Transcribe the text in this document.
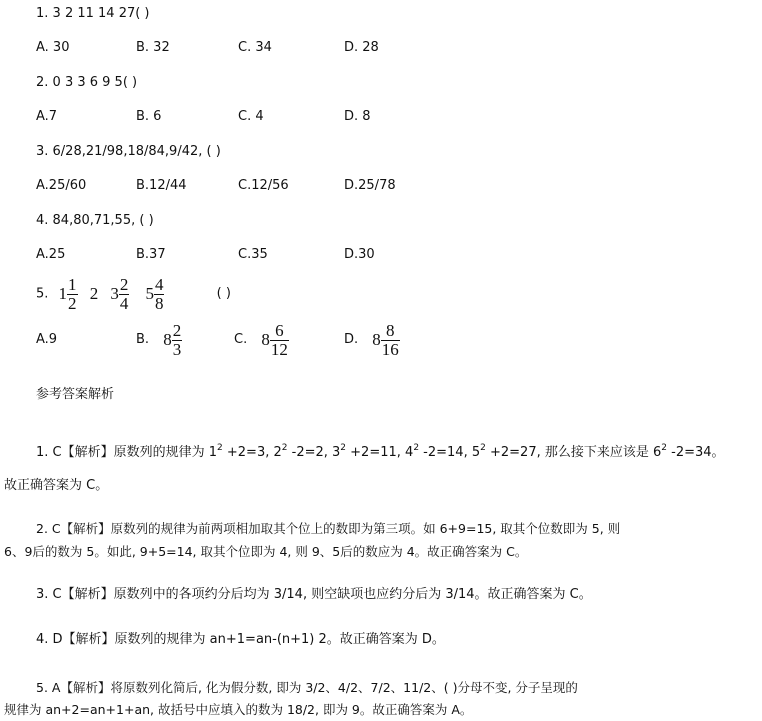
1. 3 2 11 14 27( )
A. 30	B. 32	C. 34	D. 28
2. 0 3 3 6 9 5( )
A.7	B. 6	C. 4	D. 8
3. 6/28,21/98,18/84,9/42, ( )
A.25/60	B.12/44	C.12/56	D.25/78
4. 84,80,71,55, ( )
A.25	B.37	C.35	D.30
5. $1 \frac{1}{2} 2$ $3 \frac{2}{4} 5 \frac{4}{8}$	( )
A.9	B. $8 \frac{2}{3}$	C. $8 \frac{6}{12}$	D. $8 \frac{8}{16}$
参考答案解析
1. C【解析】原数列的规律为 $1^2 +2=3$, $2^2$ -2=2, $3^2 +2=11$, $4^2$ -2=14, $5^2 +2=27$, 那么接下来应该是 $6^2$ -2=34。
故正确答案为 C。
2. C【解析】原数列的规律为前两项相加取其个位上的数即为第三项。如 6+9=15, 取其个位数即为 5, 则
6、9后的数为 5。如此, 9+5=14, 取其个位即为 4, 则 9、5后的数应为 4。故正确答案为 C。
3. C【解析】原数列中的各项约分后均为 3/14, 则空缺项也应约分后为 3/14。故正确答案为 C。
4. D【解析】原数列的规律为 an+1=an-(n+1) 2。故正确答案为 D。
5. A【解析】将原数列化简后, 化为假分数, 即为 3/2、4/2、7/2、11/2、( )分母不变, 分子呈现的
规律为 an+2=an+1+an, 故括号中应填入的数为 18/2, 即为 9。故正确答案为 A。
